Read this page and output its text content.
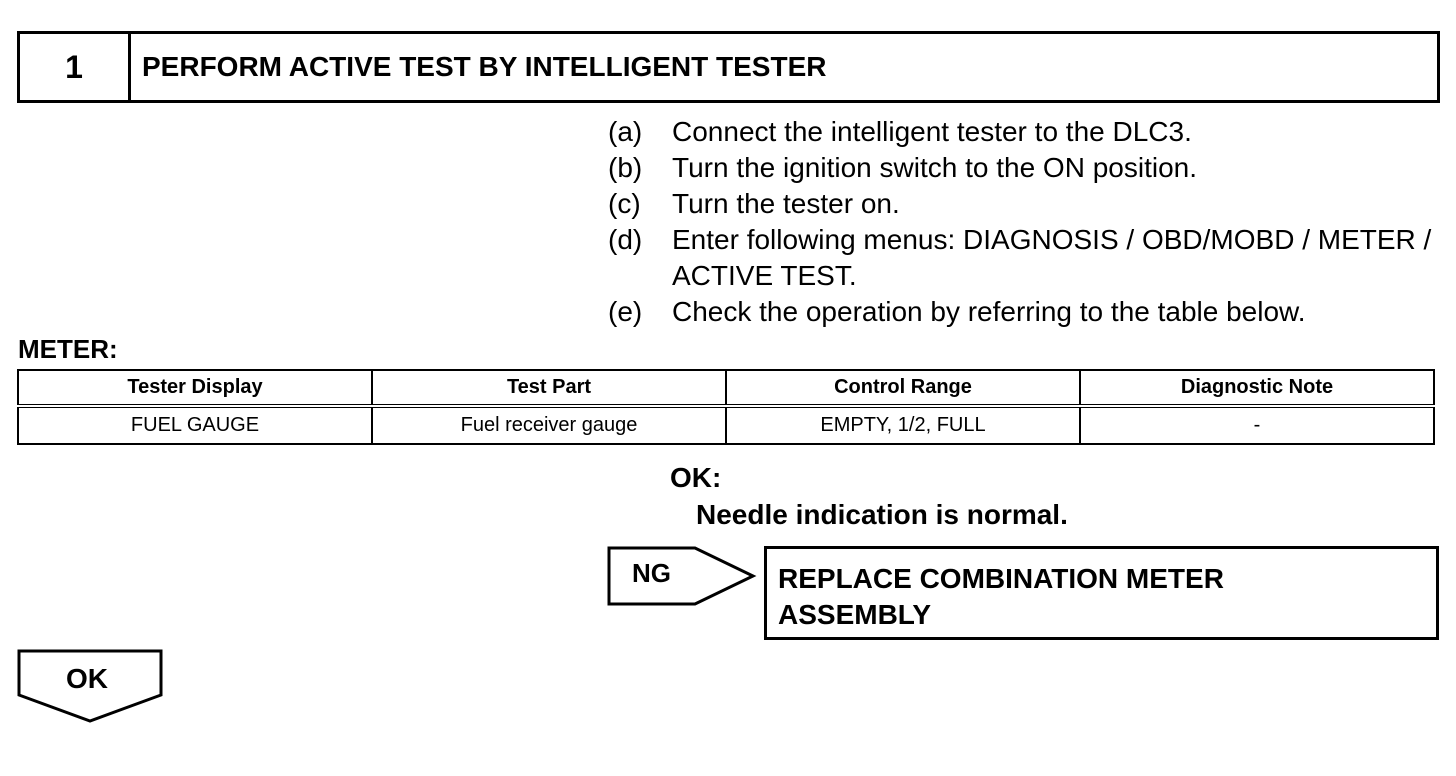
1	PERFORM ACTIVE TEST BY INTELLIGENT TESTER
(a)	Connect the intelligent tester to the DLC3.
(b)	Turn the ignition switch to the ON position.
(c)	Turn the tester on.
(d)	Enter following menus: DIAGNOSIS / OBD/MOBD / METER / ACTIVE TEST.
(e)	Check the operation by referring to the table below.
METER:
Tester Display	Test Part	Control Range	Diagnostic Note
FUEL GAUGE	Fuel receiver gauge	EMPTY, 1/2, FULL	-
OK:
Needle indication is normal.
NG	REPLACE COMBINATION METER
ASSEMBLY
OK
